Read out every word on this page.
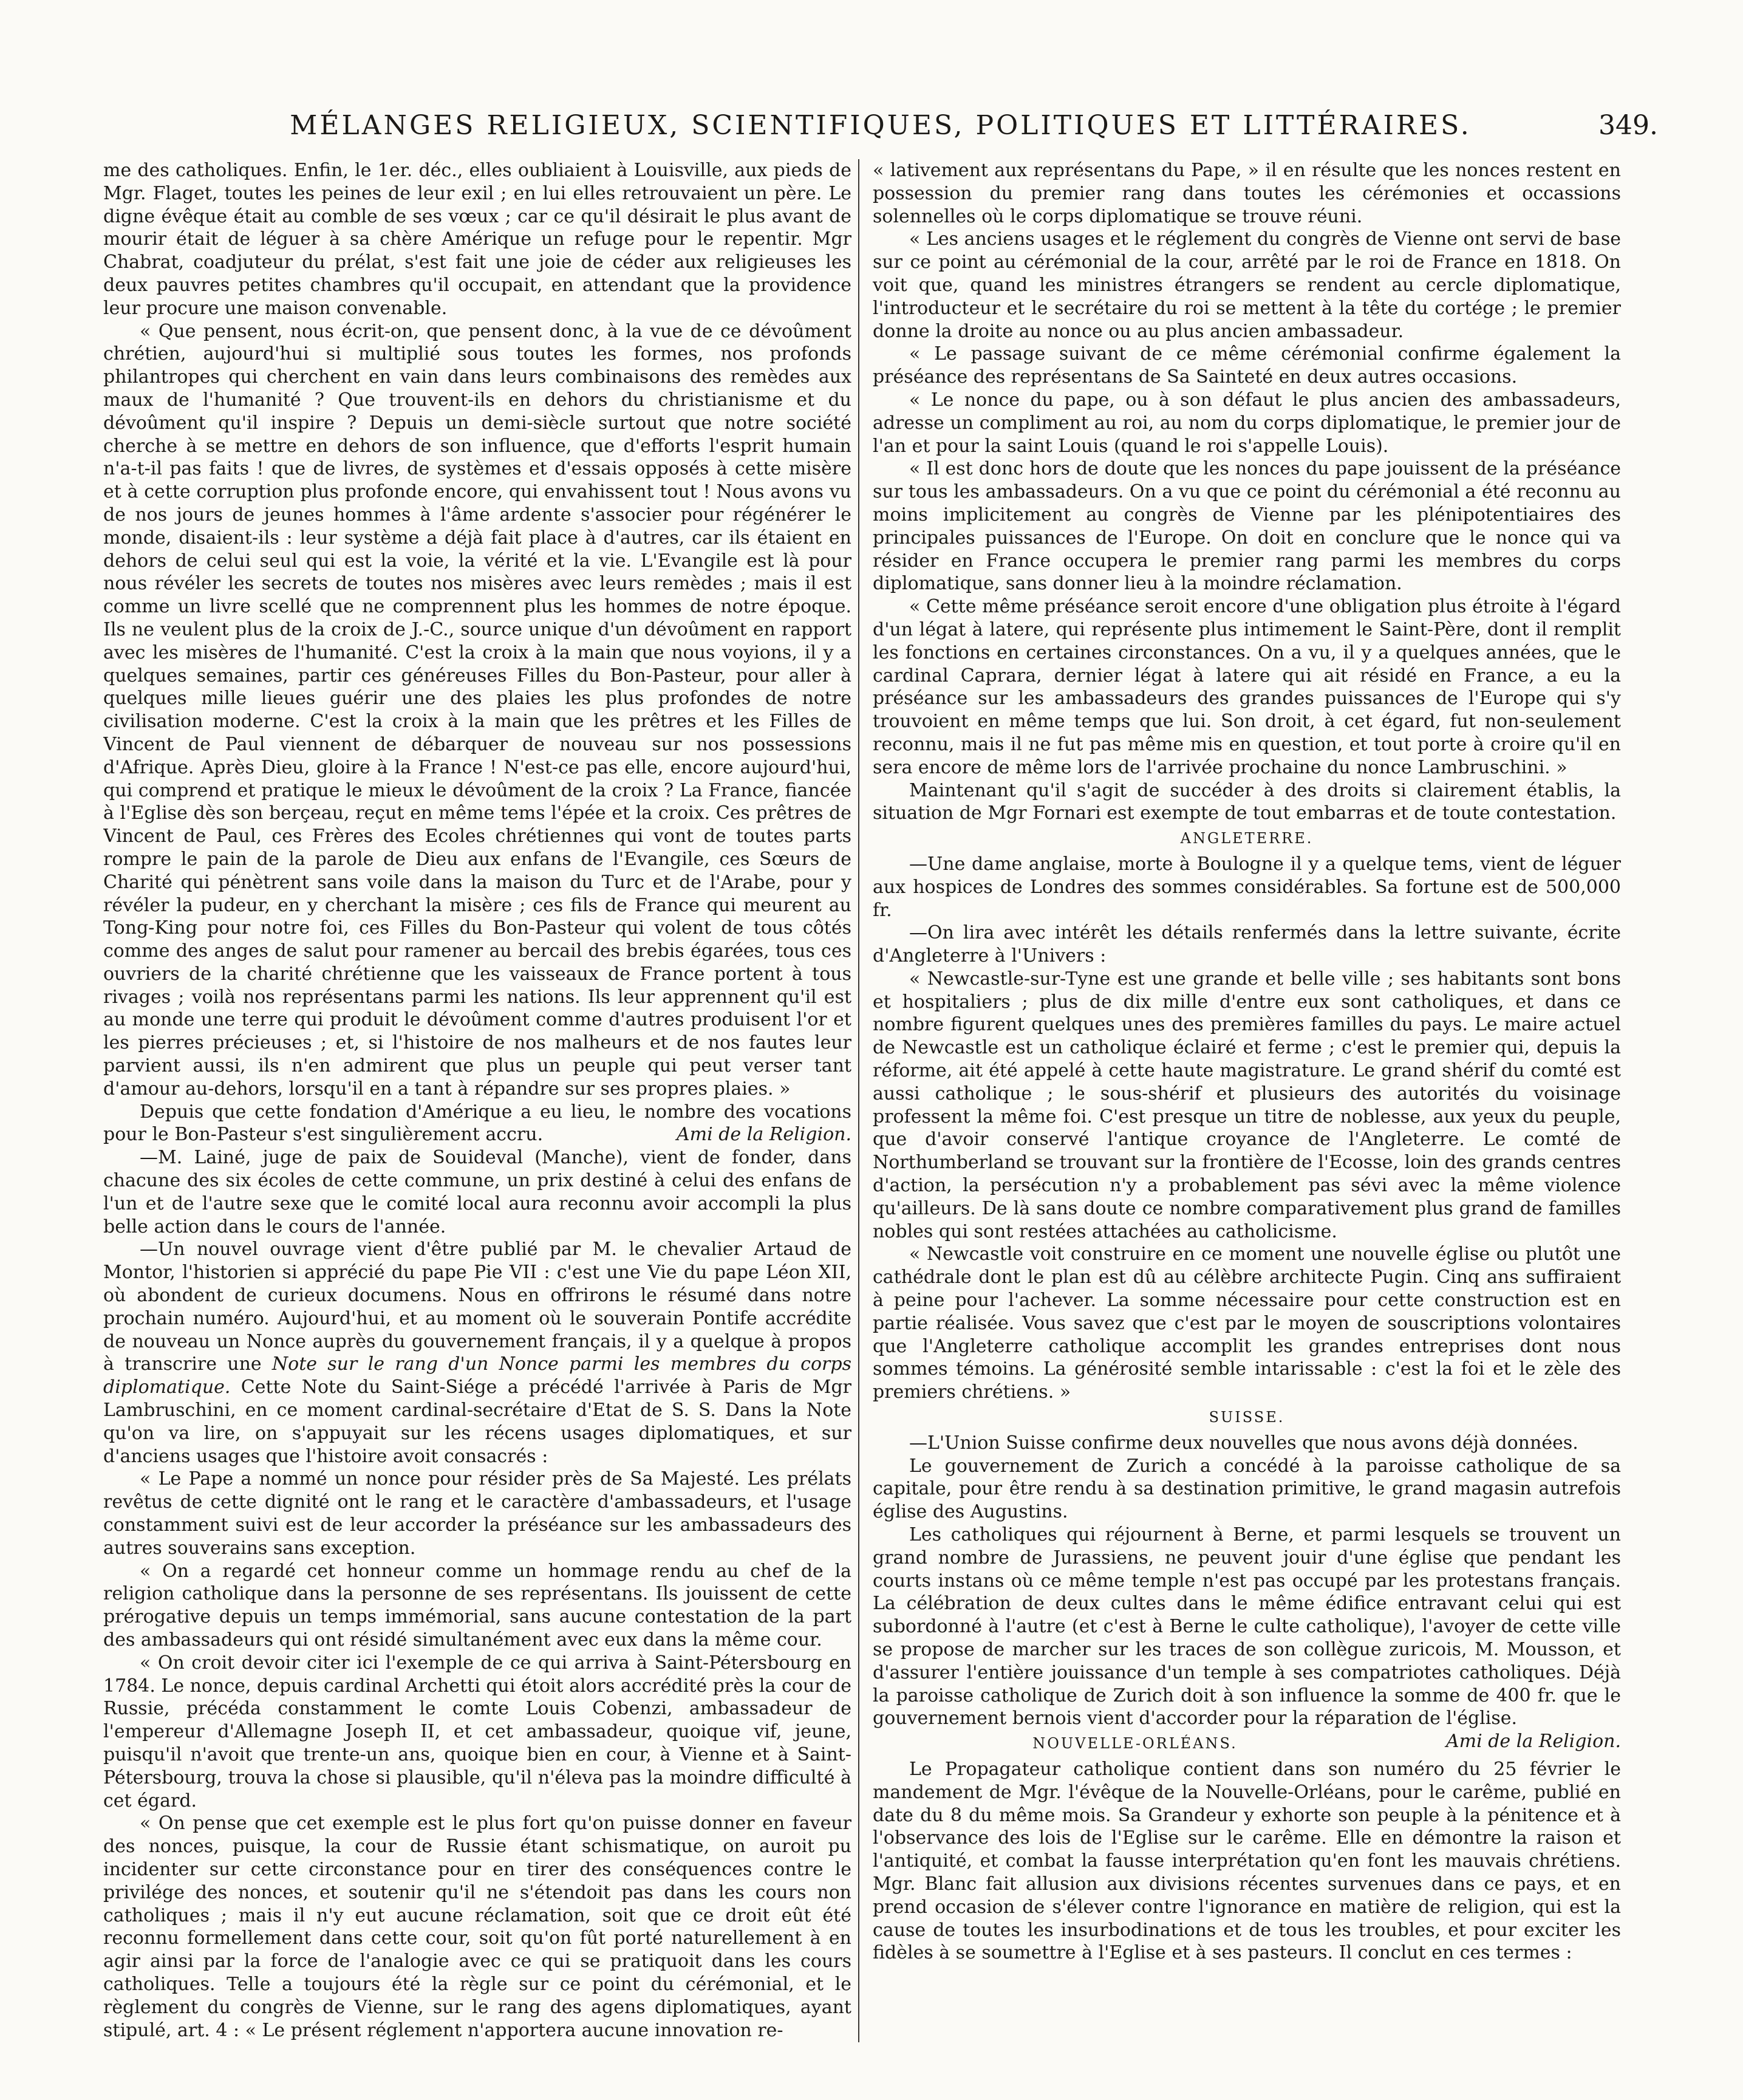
MÉLANGES RELIGIEUX, SCIENTIFIQUES, POLITIQUES ET LITTÉRAIRES.	349.

me des catholiques. Enfin, le 1er. déc., elles oubliaient à Louisville, aux pieds de Mgr. Flaget, toutes les peines de leur exil ; en lui elles retrouvaient un père. Le digne évêque était au comble de ses vœux ; car ce qu'il désirait le plus avant de mourir était de léguer à sa chère Amérique un refuge pour le repentir. Mgr Chabrat, coadjuteur du prélat, s'est fait une joie de céder aux religieuses les deux pauvres petites chambres qu'il occupait, en attendant que la providence leur procure une maison convenable.

« Que pensent, nous écrit-on, que pensent donc, à la vue de ce dévoûment chrétien, aujourd'hui si multiplié sous toutes les formes, nos profonds philantropes qui cherchent en vain dans leurs combinaisons des remèdes aux maux de l'humanité ? Que trouvent-ils en dehors du christianisme et du dévoûment qu'il inspire ? Depuis un demi-siècle surtout que notre société cherche à se mettre en dehors de son influence, que d'efforts l'esprit humain n'a-t-il pas faits ! que de livres, de systèmes et d'essais opposés à cette misère et à cette corruption plus profonde encore, qui envahissent tout ! Nous avons vu de nos jours de jeunes hommes à l'âme ardente s'associer pour régénérer le monde, disaient-ils : leur système a déjà fait place à d'autres, car ils étaient en dehors de celui seul qui est la voie, la vérité et la vie. L'Evangile est là pour nous révéler les secrets de toutes nos misères avec leurs remèdes ; mais il est comme un livre scellé que ne comprennent plus les hommes de notre époque. Ils ne veulent plus de la croix de J.-C., source unique d'un dévoûment en rapport avec les misères de l'humanité. C'est la croix à la main que nous voyions, il y a quelques semaines, partir ces généreuses Filles du Bon-Pasteur, pour aller à quelques mille lieues guérir une des plaies les plus profondes de notre civilisation moderne. C'est la croix à la main que les prêtres et les Filles de Vincent de Paul viennent de débarquer de nouveau sur nos possessions d'Afrique. Après Dieu, gloire à la France ! N'est-ce pas elle, encore aujourd'hui, qui comprend et pratique le mieux le dévoûment de la croix ? La France, fiancée à l'Eglise dès son berçeau, reçut en même tems l'épée et la croix. Ces prêtres de Vincent de Paul, ces Frères des Ecoles chrétiennes qui vont de toutes parts rompre le pain de la parole de Dieu aux enfans de l'Evangile, ces Sœurs de Charité qui pénètrent sans voile dans la maison du Turc et de l'Arabe, pour y révéler la pudeur, en y cherchant la misère ; ces fils de France qui meurent au Tong-King pour notre foi, ces Filles du Bon-Pasteur qui volent de tous côtés comme des anges de salut pour ramener au bercail des brebis égarées, tous ces ouvriers de la charité chrétienne que les vaisseaux de France portent à tous rivages ; voilà nos représentans parmi les nations. Ils leur apprennent qu'il est au monde une terre qui produit le dévoûment comme d'autres produisent l'or et les pierres précieuses ; et, si l'histoire de nos malheurs et de nos fautes leur parvient aussi, ils n'en admirent que plus un peuple qui peut verser tant d'amour au-dehors, lorsqu'il en a tant à répandre sur ses propres plaies. »

Depuis que cette fondation d'Amérique a eu lieu, le nombre des vocations pour le Bon-Pasteur s'est singulièrement accru.	Ami de la Religion.

—M. Lainé, juge de paix de Souideval (Manche), vient de fonder, dans chacune des six écoles de cette commune, un prix destiné à celui des enfans de l'un et de l'autre sexe que le comité local aura reconnu avoir accompli la plus belle action dans le cours de l'année.

—Un nouvel ouvrage vient d'être publié par M. le chevalier Artaud de Montor, l'historien si apprécié du pape Pie VII : c'est une Vie du pape Léon XII, où abondent de curieux documens. Nous en offrirons le résumé dans notre prochain numéro. Aujourd'hui, et au moment où le souverain Pontife accrédite de nouveau un Nonce auprès du gouvernement français, il y a quelque à propos à transcrire une Note sur le rang d'un Nonce parmi les membres du corps diplomatique. Cette Note du Saint-Siége a précédé l'arrivée à Paris de Mgr Lambruschini, en ce moment cardinal-secrétaire d'Etat de S. S. Dans la Note qu'on va lire, on s'appuyait sur les récens usages diplomatiques, et sur d'anciens usages que l'histoire avoit consacrés :

« Le Pape a nommé un nonce pour résider près de Sa Majesté. Les prélats revêtus de cette dignité ont le rang et le caractère d'ambassadeurs, et l'usage constamment suivi est de leur accorder la préséance sur les ambassadeurs des autres souverains sans exception.

« On a regardé cet honneur comme un hommage rendu au chef de la religion catholique dans la personne de ses représentans. Ils jouissent de cette prérogative depuis un temps immémorial, sans aucune contestation de la part des ambassadeurs qui ont résidé simultanément avec eux dans la même cour.

« On croit devoir citer ici l'exemple de ce qui arriva à Saint-Pétersbourg en 1784. Le nonce, depuis cardinal Archetti qui étoit alors accrédité près la cour de Russie, précéda constamment le comte Louis Cobenzi, ambassadeur de l'empereur d'Allemagne Joseph II, et cet ambassadeur, quoique vif, jeune, puisqu'il n'avoit que trente-un ans, quoique bien en cour, à Vienne et à Saint-Pétersbourg, trouva la chose si plausible, qu'il n'éleva pas la moindre difficulté à cet égard.

« On pense que cet exemple est le plus fort qu'on puisse donner en faveur des nonces, puisque, la cour de Russie étant schismatique, on auroit pu incidenter sur cette circonstance pour en tirer des conséquences contre le privilége des nonces, et soutenir qu'il ne s'étendoit pas dans les cours non catholiques ; mais il n'y eut aucune réclamation, soit que ce droit eût été reconnu formellement dans cette cour, soit qu'on fût porté naturellement à en agir ainsi par la force de l'analogie avec ce qui se pratiquoit dans les cours catholiques. Telle a toujours été la règle sur ce point du cérémonial, et le règlement du congrès de Vienne, sur le rang des agens diplomatiques, ayant stipulé, art. 4 : « Le présent réglement n'apportera aucune innovation re-

« lativement aux représentans du Pape, » il en résulte que les nonces restent en possession du premier rang dans toutes les cérémonies et occassions solennelles où le corps diplomatique se trouve réuni.

« Les anciens usages et le réglement du congrès de Vienne ont servi de base sur ce point au cérémonial de la cour, arrêté par le roi de France en 1818. On voit que, quand les ministres étrangers se rendent au cercle diplomatique, l'introducteur et le secrétaire du roi se mettent à la tête du cortége ; le premier donne la droite au nonce ou au plus ancien ambassadeur.

« Le passage suivant de ce même cérémonial confirme également la préséance des représentans de Sa Sainteté en deux autres occasions.

« Le nonce du pape, ou à son défaut le plus ancien des ambassadeurs, adresse un compliment au roi, au nom du corps diplomatique, le premier jour de l'an et pour la saint Louis (quand le roi s'appelle Louis).

« Il est donc hors de doute que les nonces du pape jouissent de la préséance sur tous les ambassadeurs. On a vu que ce point du cérémonial a été reconnu au moins implicitement au congrès de Vienne par les plénipotentiaires des principales puissances de l'Europe. On doit en conclure que le nonce qui va résider en France occupera le premier rang parmi les membres du corps diplomatique, sans donner lieu à la moindre réclamation.

« Cette même préséance seroit encore d'une obligation plus étroite à l'égard d'un légat à latere, qui représente plus intimement le Saint-Père, dont il remplit les fonctions en certaines circonstances. On a vu, il y a quelques années, que le cardinal Caprara, dernier légat à latere qui ait résidé en France, a eu la préséance sur les ambassadeurs des grandes puissances de l'Europe qui s'y trouvoient en même temps que lui. Son droit, à cet égard, fut non-seulement reconnu, mais il ne fut pas même mis en question, et tout porte à croire qu'il en sera encore de même lors de l'arrivée prochaine du nonce Lambruschini. »

Maintenant qu'il s'agit de succéder à des droits si clairement établis, la situation de Mgr Fornari est exempte de tout embarras et de toute contestation.

ANGLETERRE.

—Une dame anglaise, morte à Boulogne il y a quelque tems, vient de léguer aux hospices de Londres des sommes considérables. Sa fortune est de 500,000 fr.

—On lira avec intérêt les détails renfermés dans la lettre suivante, écrite d'Angleterre à l'Univers :

« Newcastle-sur-Tyne est une grande et belle ville ; ses habitants sont bons et hospitaliers ; plus de dix mille d'entre eux sont catholiques, et dans ce nombre figurent quelques unes des premières familles du pays. Le maire actuel de Newcastle est un catholique éclairé et ferme ; c'est le premier qui, depuis la réforme, ait été appelé à cette haute magistrature. Le grand shérif du comté est aussi catholique ; le sous-shérif et plusieurs des autorités du voisinage professent la même foi. C'est presque un titre de noblesse, aux yeux du peuple, que d'avoir conservé l'antique croyance de l'Angleterre. Le comté de Northumberland se trouvant sur la frontière de l'Ecosse, loin des grands centres d'action, la persécution n'y a probablement pas sévi avec la même violence qu'ailleurs. De là sans doute ce nombre comparativement plus grand de familles nobles qui sont restées attachées au catholicisme.

« Newcastle voit construire en ce moment une nouvelle église ou plutôt une cathédrale dont le plan est dû au célèbre architecte Pugin. Cinq ans suffiraient à peine pour l'achever. La somme nécessaire pour cette construction est en partie réalisée. Vous savez que c'est par le moyen de souscriptions volontaires que l'Angleterre catholique accomplit les grandes entreprises dont nous sommes témoins. La générosité semble intarissable : c'est la foi et le zèle des premiers chrétiens. »

SUISSE.

—L'Union Suisse confirme deux nouvelles que nous avons déjà données.

Le gouvernement de Zurich a concédé à la paroisse catholique de sa capitale, pour être rendu à sa destination primitive, le grand magasin autrefois église des Augustins.

Les catholiques qui réjournent à Berne, et parmi lesquels se trouvent un grand nombre de Jurassiens, ne peuvent jouir d'une église que pendant les courts instans où ce même temple n'est pas occupé par les protestans français. La célébration de deux cultes dans le même édifice entravant celui qui est subordonné à l'autre (et c'est à Berne le culte catholique), l'avoyer de cette ville se propose de marcher sur les traces de son collègue zuricois, M. Mousson, et d'assurer l'entière jouissance d'un temple à ses compatriotes catholiques. Déjà la paroisse catholique de Zurich doit à son influence la somme de 400 fr. que le gouvernement bernois vient d'accorder pour la réparation de l'église.
Ami de la Religion.

NOUVELLE-ORLÉANS.

Le Propagateur catholique contient dans son numéro du 25 février le mandement de Mgr. l'évêque de la Nouvelle-Orléans, pour le carême, publié en date du 8 du même mois. Sa Grandeur y exhorte son peuple à la pénitence et à l'observance des lois de l'Eglise sur le carême. Elle en démontre la raison et l'antiquité, et combat la fausse interprétation qu'en font les mauvais chrétiens. Mgr. Blanc fait allusion aux divisions récentes survenues dans ce pays, et en prend occasion de s'élever contre l'ignorance en matière de religion, qui est la cause de toutes les insurbodinations et de tous les troubles, et pour exciter les fidèles à se soumettre à l'Eglise et à ses pasteurs. Il conclut en ces termes :
